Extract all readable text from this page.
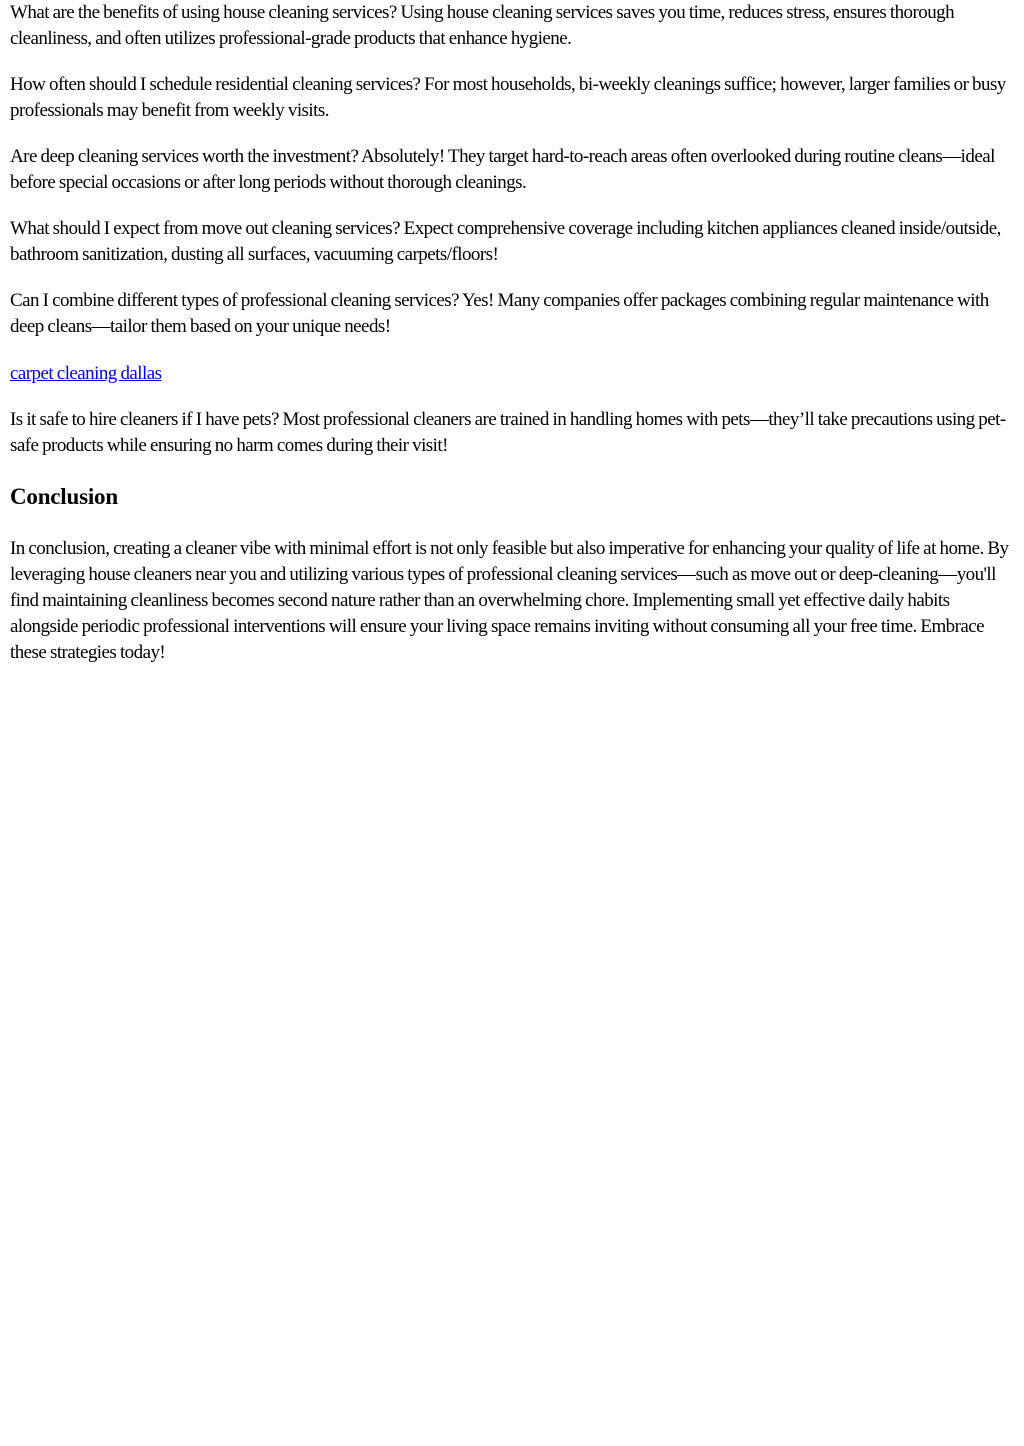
What are the benefits of using house cleaning services? Using house cleaning services saves you time, reduces stress, ensures thorough cleanliness, and often utilizes professional-grade products that enhance hygiene.

How often should I schedule residential cleaning services? For most households, bi-weekly cleanings suffice; however, larger families or busy professionals may benefit from weekly visits.

Are deep cleaning services worth the investment? Absolutely! They target hard-to-reach areas often overlooked during routine cleans—ideal before special occasions or after long periods without thorough cleanings.

What should I expect from move out cleaning services? Expect comprehensive coverage including kitchen appliances cleaned inside/outside, bathroom sanitization, dusting all surfaces, vacuuming carpets/floors!

Can I combine different types of professional cleaning services? Yes! Many companies offer packages combining regular maintenance with deep cleans—tailor them based on your unique needs!

carpet cleaning dallas

Is it safe to hire cleaners if I have pets? Most professional cleaners are trained in handling homes with pets—they’ll take precautions using pet-safe products while ensuring no harm comes during their visit!

Conclusion

In conclusion, creating a cleaner vibe with minimal effort is not only feasible but also imperative for enhancing your quality of life at home. By leveraging house cleaners near you and utilizing various types of professional cleaning services—such as move out or deep-cleaning—you'll find maintaining cleanliness becomes second nature rather than an overwhelming chore. Implementing small yet effective daily habits alongside periodic professional interventions will ensure your living space remains inviting without consuming all your free time. Embrace these strategies today!
